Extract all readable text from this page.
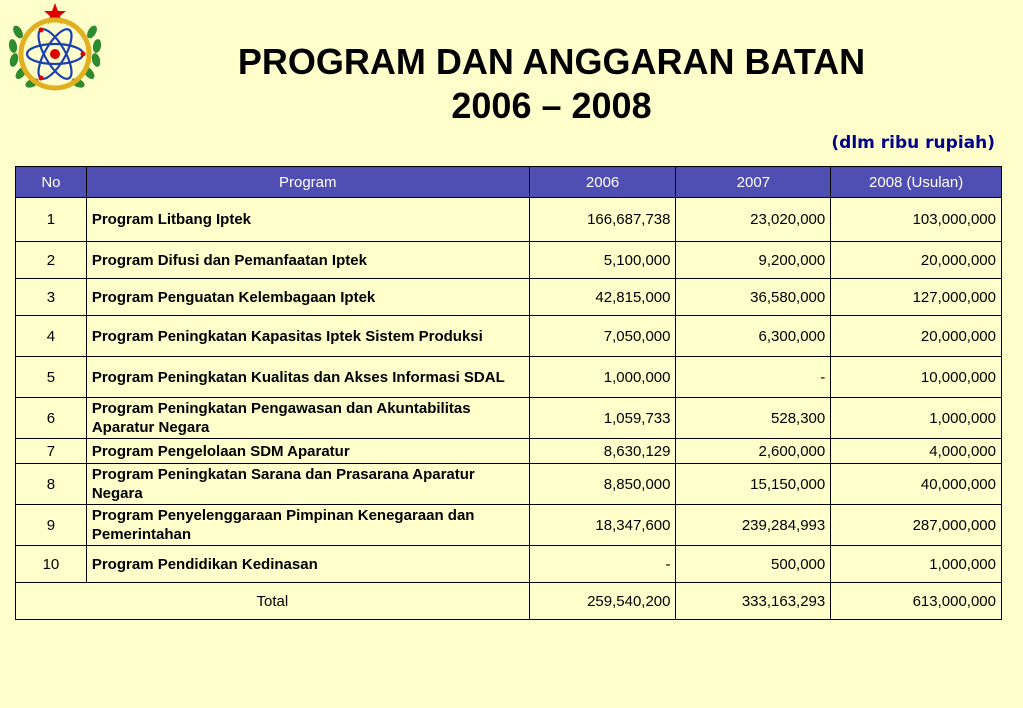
PROGRAM DAN ANGGARAN BATAN
2006 – 2008
(dlm ribu rupiah)
No	Program	2006	2007	2008 (Usulan)
1	Program Litbang Iptek	166,687,738	23,020,000	103,000,000
2	Program Difusi dan Pemanfaatan Iptek	5,100,000	9,200,000	20,000,000
3	Program Penguatan Kelembagaan Iptek	42,815,000	36,580,000	127,000,000
4	Program Peningkatan Kapasitas Iptek Sistem Produksi	7,050,000	6,300,000	20,000,000
5	Program Peningkatan Kualitas dan Akses Informasi SDAL	1,000,000	-	10,000,000
6	Program Peningkatan Pengawasan dan Akuntabilitas Aparatur Negara	1,059,733	528,300	1,000,000
7	Program Pengelolaan SDM Aparatur	8,630,129	2,600,000	4,000,000
8	Program Peningkatan Sarana dan Prasarana Aparatur Negara	8,850,000	15,150,000	40,000,000
9	Program Penyelenggaraan Pimpinan Kenegaraan dan Pemerintahan	18,347,600	239,284,993	287,000,000
10	Program Pendidikan Kedinasan	-	500,000	1,000,000
Total		259,540,200	333,163,293	613,000,000
